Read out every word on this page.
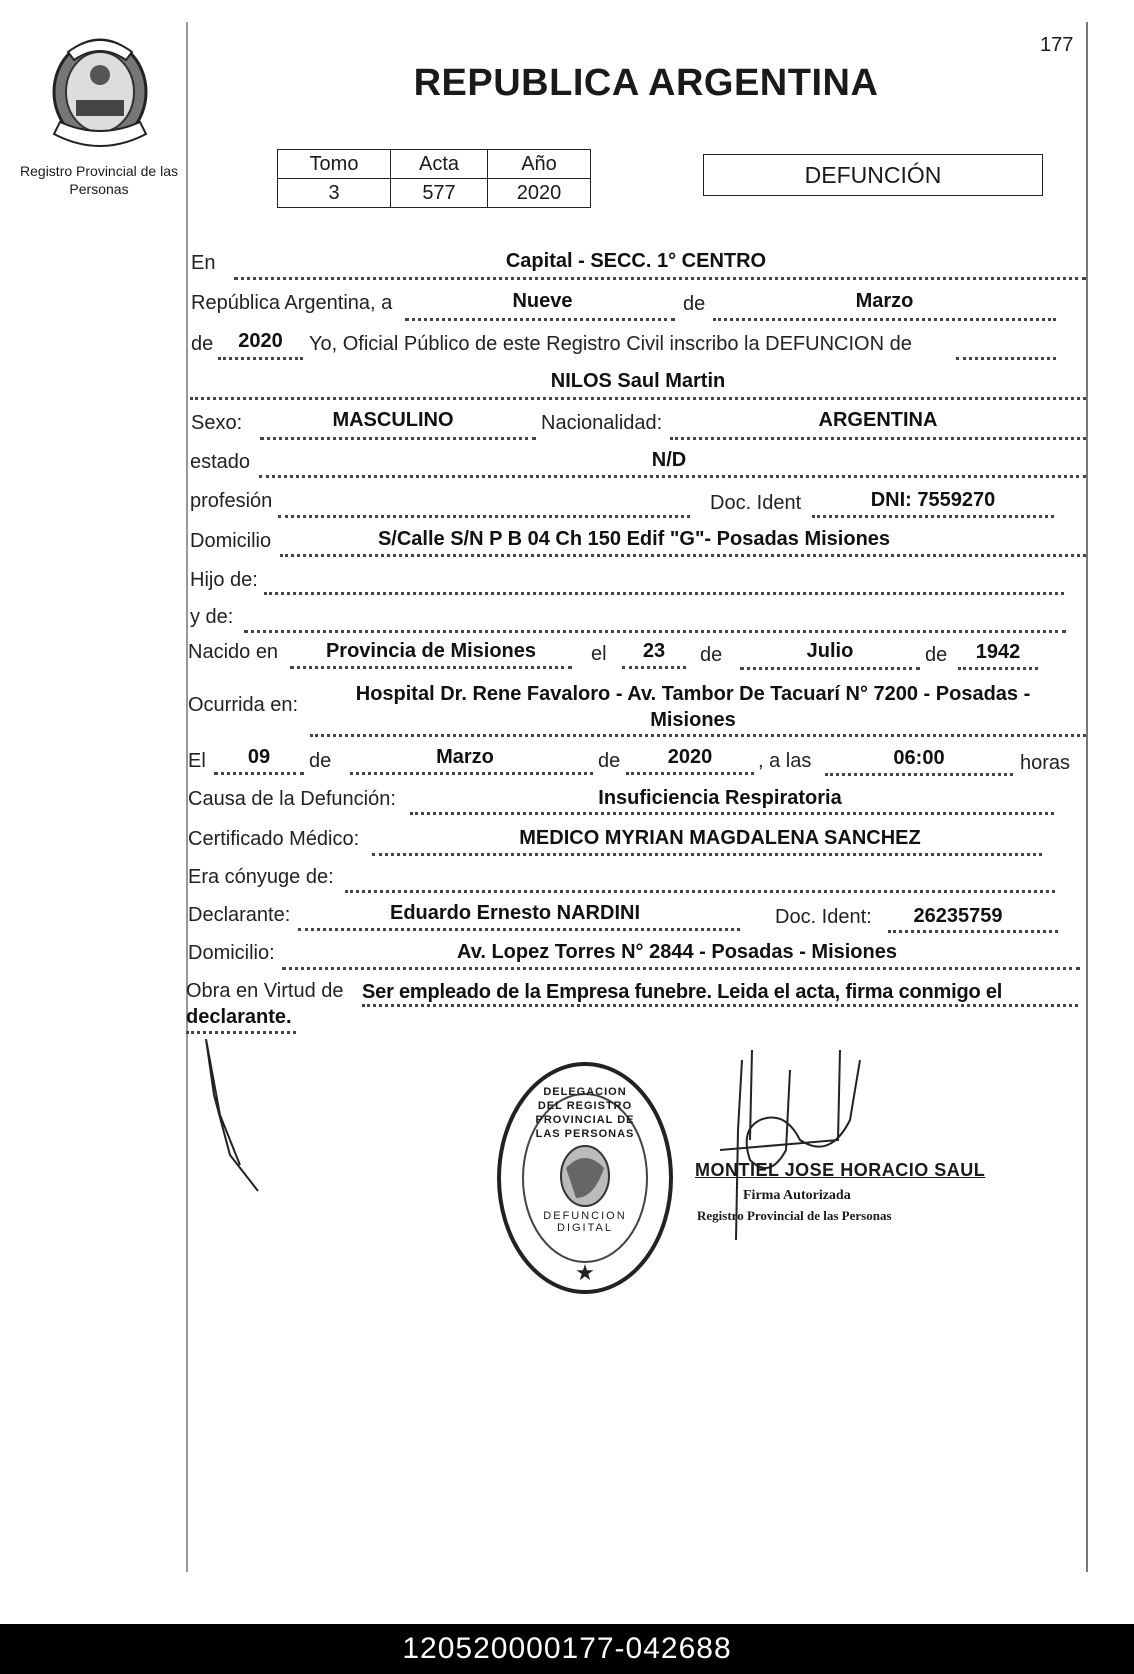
Registro Provincial de las Personas
177
REPUBLICA ARGENTINA
Tomo	Acta	Año
3	577	2020
DEFUNCIÓN
En	Capital - SECC. 1° CENTRO
República Argentina, a	Nueve	de	Marzo
de	2020	Yo, Oficial Público de este Registro Civil inscribo la DEFUNCION de
NILOS Saul Martin
Sexo:	MASCULINO	Nacionalidad:	ARGENTINA
estado	N/D
profesión	Doc. Ident	DNI: 7559270
Domicilio	S/Calle S/N P B 04 Ch 150 Edif "G"- Posadas Misiones
Hijo de:
y de:
Nacido en	Provincia de Misiones	el	23	de	Julio	de	1942
Ocurrida en:	Hospital Dr. Rene Favaloro - Av. Tambor De Tacuarí N° 7200 - Posadas -
Misiones
El	09	de	Marzo	de	2020	, a las	06:00	horas
Causa de la Defunción:	Insuficiencia Respiratoria
Certificado Médico:	MEDICO MYRIAN MAGDALENA SANCHEZ
Era cónyuge de:
Declarante:	Eduardo Ernesto NARDINI	Doc. Ident:	26235759
Domicilio:	Av. Lopez Torres N° 2844 - Posadas - Misiones
Obra en Virtud de Ser empleado de la Empresa funebre. Leida el acta, firma conmigo el
declarante.
★
DELEGACION DEL REGISTRO PROVINCIAL DE LAS PERSONAS
DEFUNCION DIGITAL
MONTIEL JOSE HORACIO SAUL
Firma Autorizada
Registro Provincial de las Personas
120520000177-042688
